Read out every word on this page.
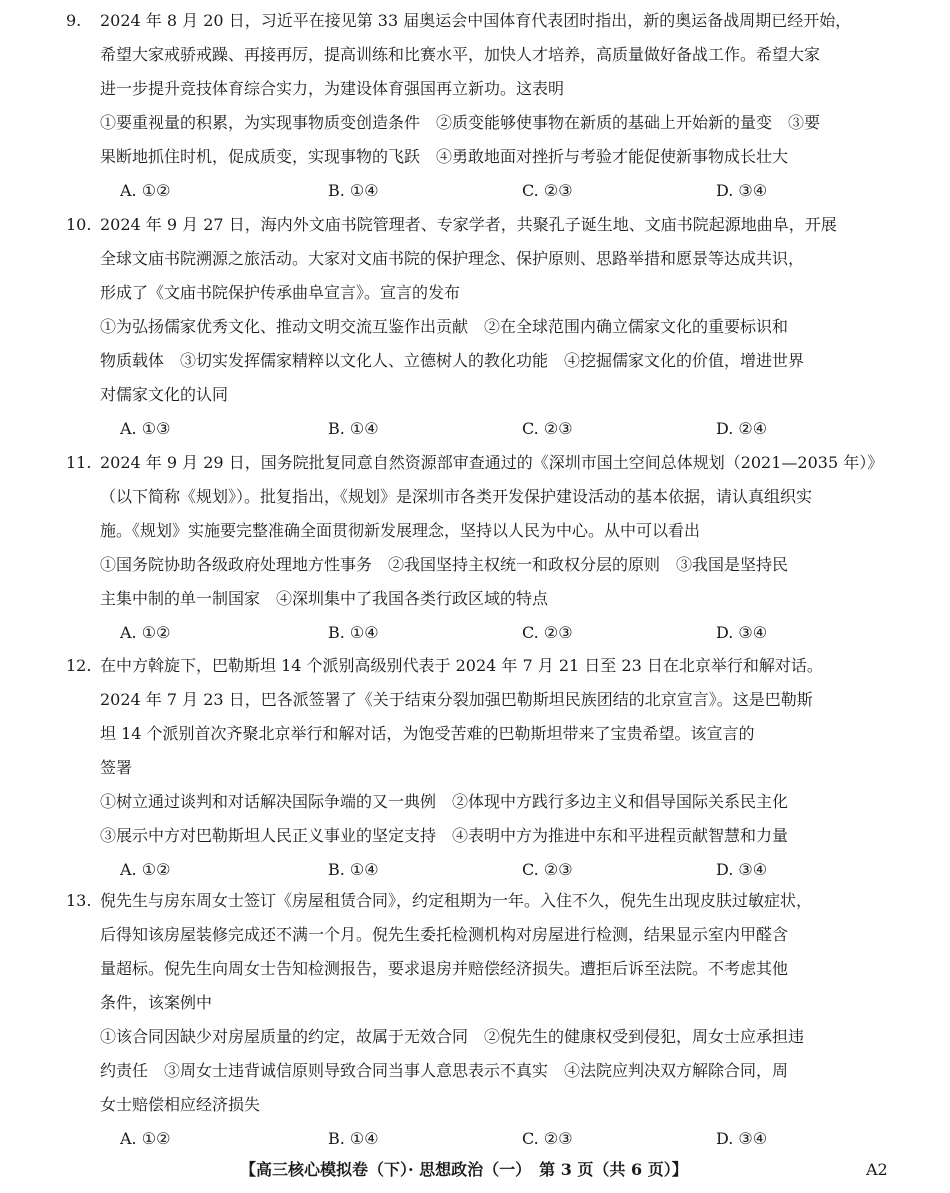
9.	2024 年 8 月 20 日，习近平在接见第 33 届奥运会中国体育代表团时指出，新的奥运备战周期已经开始，
希望大家戒骄戒躁、再接再厉，提高训练和比赛水平，加快人才培养，高质量做好备战工作。希望大家
进一步提升竞技体育综合实力，为建设体育强国再立新功。这表明
①要重视量的积累，为实现事物质变创造条件　②质变能够使事物在新质的基础上开始新的量变　③要
果断地抓住时机，促成质变，实现事物的飞跃　④勇敢地面对挫折与考验才能促使新事物成长壮大
A. ①②	B. ①④	C. ②③	D. ③④
10. 2024 年 9 月 27 日，海内外文庙书院管理者、专家学者，共聚孔子诞生地、文庙书院起源地曲阜，开展
全球文庙书院溯源之旅活动。大家对文庙书院的保护理念、保护原则、思路举措和愿景等达成共识，
形成了《文庙书院保护传承曲阜宣言》。宣言的发布
①为弘扬儒家优秀文化、推动文明交流互鉴作出贡献　②在全球范围内确立儒家文化的重要标识和
物质载体　③切实发挥儒家精粹以文化人、立德树人的教化功能　④挖掘儒家文化的价值，增进世界
对儒家文化的认同
A. ①③	B. ①④	C. ②③	D. ②④
11. 2024 年 9 月 29 日，国务院批复同意自然资源部审查通过的《深圳市国土空间总体规划（2021—2035 年）》
（以下简称《规划》）。批复指出，《规划》是深圳市各类开发保护建设活动的基本依据，请认真组织实
施。《规划》实施要完整准确全面贯彻新发展理念，坚持以人民为中心。从中可以看出
①国务院协助各级政府处理地方性事务　②我国坚持主权统一和政权分层的原则　③我国是坚持民
主集中制的单一制国家　④深圳集中了我国各类行政区域的特点
A. ①②	B. ①④	C. ②③	D. ③④
12. 在中方斡旋下，巴勒斯坦 14 个派别高级别代表于 2024 年 7 月 21 日至 23 日在北京举行和解对话。
2024 年 7 月 23 日，巴各派签署了《关于结束分裂加强巴勒斯坦民族团结的北京宣言》。这是巴勒斯
坦 14 个派别首次齐聚北京举行和解对话，为饱受苦难的巴勒斯坦带来了宝贵希望。该宣言的
签署
①树立通过谈判和对话解决国际争端的又一典例　②体现中方践行多边主义和倡导国际关系民主化
③展示中方对巴勒斯坦人民正义事业的坚定支持　④表明中方为推进中东和平进程贡献智慧和力量
A. ①②	B. ①④	C. ②③	D. ③④
13. 倪先生与房东周女士签订《房屋租赁合同》，约定租期为一年。入住不久，倪先生出现皮肤过敏症状，
后得知该房屋装修完成还不满一个月。倪先生委托检测机构对房屋进行检测，结果显示室内甲醛含
量超标。倪先生向周女士告知检测报告，要求退房并赔偿经济损失。遭拒后诉至法院。不考虑其他
条件，该案例中
①该合同因缺少对房屋质量的约定，故属于无效合同　②倪先生的健康权受到侵犯，周女士应承担违
约责任　③周女士违背诚信原则导致合同当事人意思表示不真实　④法院应判决双方解除合同，周
女士赔偿相应经济损失
A. ①②	B. ①④	C. ②③	D. ③④
【高三核心模拟卷（下）· 思想政治（一）　第 3 页（共 6 页）】	A2
